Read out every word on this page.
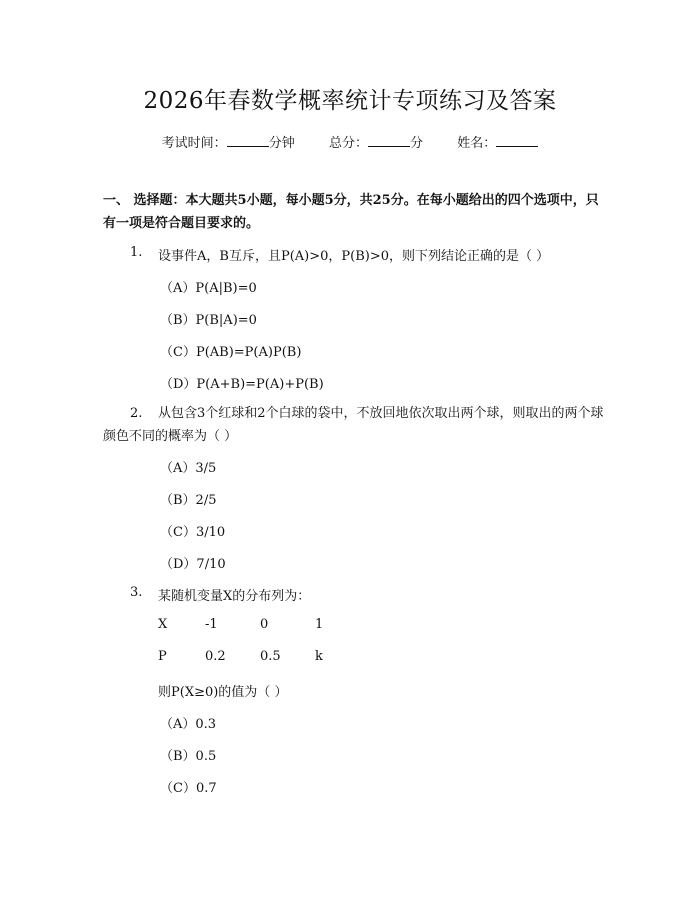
2026年春数学概率统计专项练习及答案
考试时间：	分钟	总分：	分	姓名：
一、 选择题：本大题共5小题，每小题5分，共25分。在每小题给出的四个选项中，只有一项是符合题目要求的。
1. 设事件A，B互斥，且P(A)>0，P(B)>0，则下列结论正确的是（ ）
（A）P(A|B)=0
（B）P(B|A)=0
（C）P(AB)=P(A)P(B)
（D）P(A+B)=P(A)+P(B)
2. 从包含3个红球和2个白球的袋中，不放回地依次取出两个球，则取出的两个球颜色不同的概率为（ ）
（A）3/5
（B）2/5
（C）3/10
（D）7/10
3. 某随机变量X的分布列为：
X	-1	0	1
P	0.2	0.5	k
则P(X≥0)的值为（ ）
（A）0.3
（B）0.5
（C）0.7
